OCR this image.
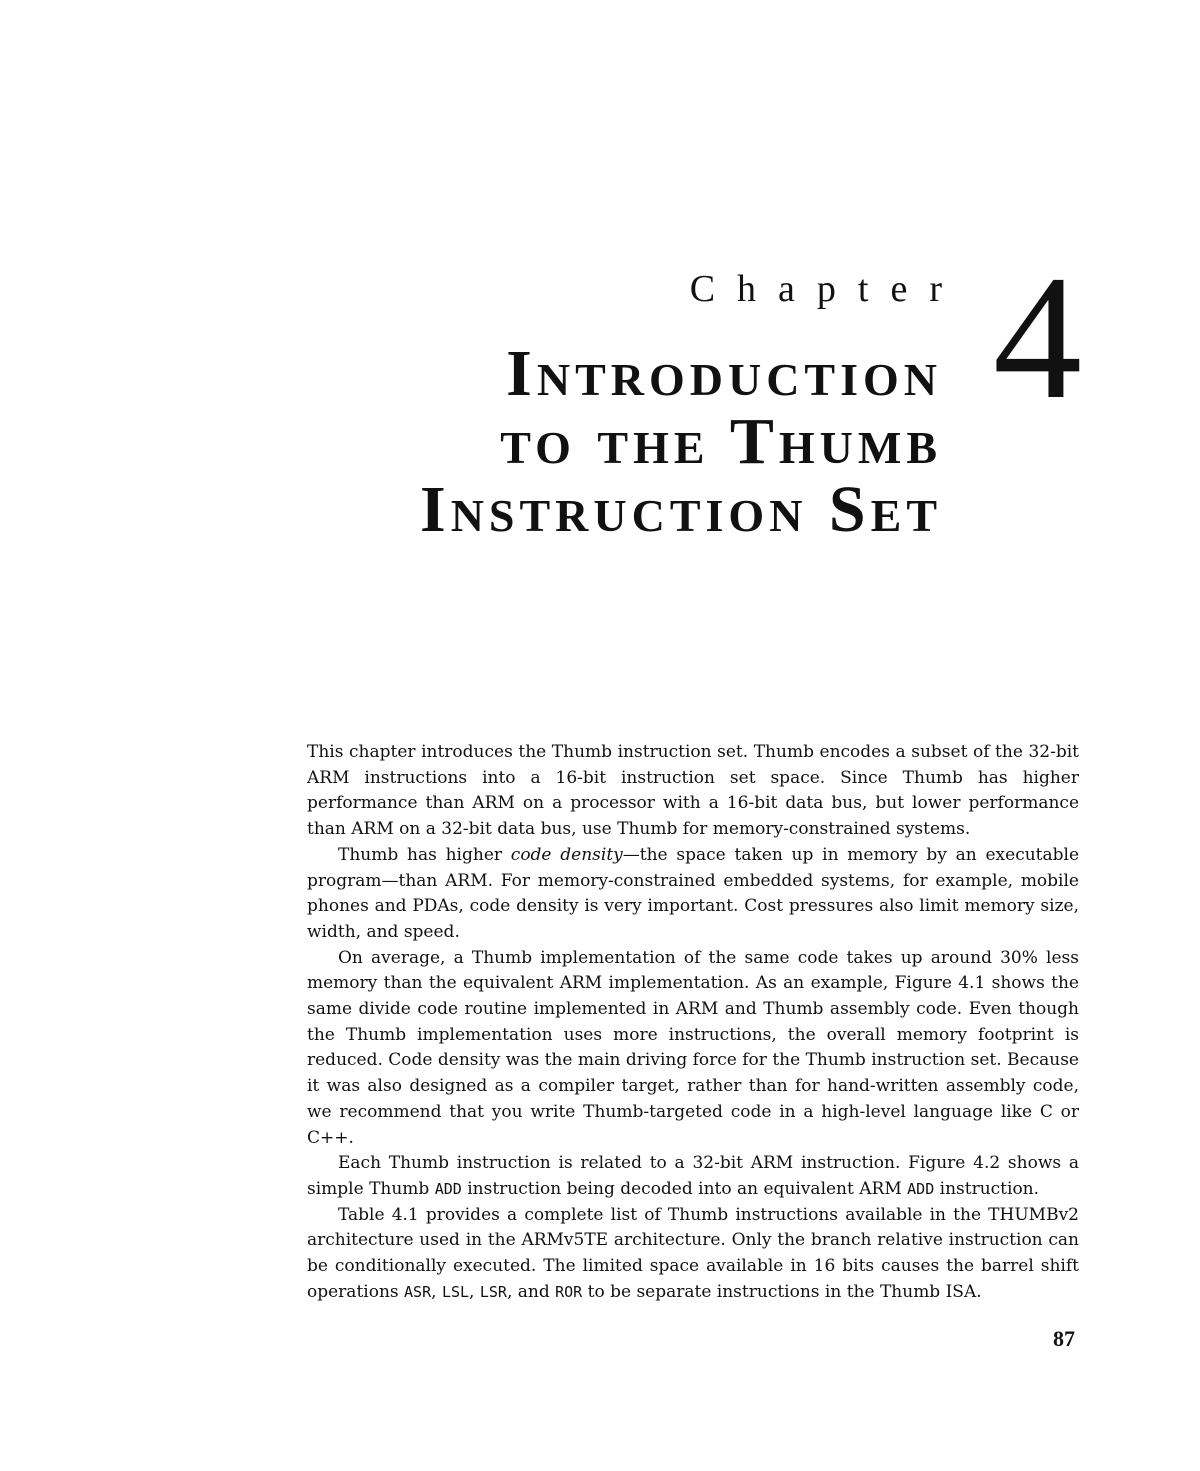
Chapter 4
Introduction
to the Thumb
Instruction Set

This chapter introduces the Thumb instruction set. Thumb encodes a subset of the 32-bit ARM instructions into a 16-bit instruction set space. Since Thumb has higher performance than ARM on a processor with a 16-bit data bus, but lower performance than ARM on a 32-bit data bus, use Thumb for memory-constrained systems.

Thumb has higher code density—the space taken up in memory by an executable program—than ARM. For memory-constrained embedded systems, for example, mobile phones and PDAs, code density is very important. Cost pressures also limit memory size, width, and speed.

On average, a Thumb implementation of the same code takes up around 30% less memory than the equivalent ARM implementation. As an example, Figure 4.1 shows the same divide code routine implemented in ARM and Thumb assembly code. Even though the Thumb implementation uses more instructions, the overall memory footprint is reduced. Code density was the main driving force for the Thumb instruction set. Because it was also designed as a compiler target, rather than for hand-written assembly code, we recommend that you write Thumb-targeted code in a high-level language like C or C++.

Each Thumb instruction is related to a 32-bit ARM instruction. Figure 4.2 shows a simple Thumb ADD instruction being decoded into an equivalent ARM ADD instruction.

Table 4.1 provides a complete list of Thumb instructions available in the THUMBv2 architecture used in the ARMv5TE architecture. Only the branch relative instruction can be conditionally executed. The limited space available in 16 bits causes the barrel shift operations ASR, LSL, LSR, and ROR to be separate instructions in the Thumb ISA.

87
